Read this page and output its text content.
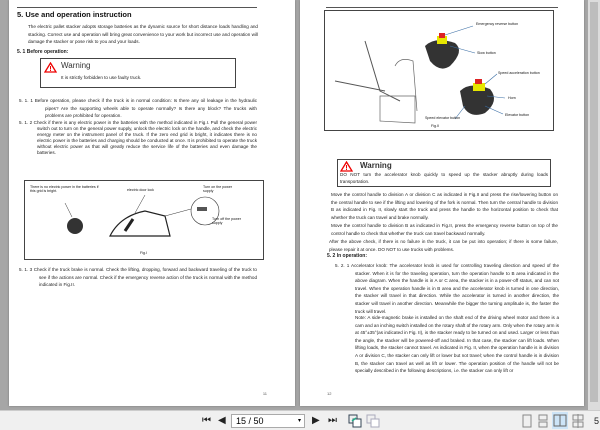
5. Use and operation instruction
The electric pallet stacker adopts storage batteries as the dynamic source for short distance loads handling and stacking. Correct use and operation will bring great convenience to your work but incorrect use and operation will damage the stacker or pose risk to you and your loads.
5. 1 Before operation:
Warning
It is strictly forbidden to use faulty truck.
5. 1. 1 Before operation, please check if the truck is in normal condition: Is there any oil leakage in the hydraulic pipes? Are the supporting wheels able to operate normally? Is there any block? The trucks with problems are prohibited for operation.
5. 1. 2 Check if there is any electric power in the batteries with the method indicated in Fig.I. Pull the general power switch out to turn on the general power supply, unlock the electric lock on the handle, and check the electric energy meter on the instrument panel of the truck. If the zero end grid is bright, it indicates there is no electric power in the batteries and charging should be conducted at once. It is prohibited to operate the truck without electric power as that will greatly reduce the service life of the batteries and even damage the batteries.
There is no electric power in the batteries if this grid is bright.	electric door lock
Turn on the power supply
Turn off the power supply
Fig.I
5. 1. 3 Check if the truck brake is normal. Check the lifting, dropping, forward and backward traveling of the truck to see if the actions are normal. Check if the emergency reverse action of the truck is normal with the method indicated in Fig.II.
11
Emergency reverse button
Slow button
Speed acceleration button
Horn
Elevator button
Speed elevator button
Fig.II
Warning
DO NOT turn the accelerator knob quickly to speed up the stacker abruptly during loads transportation.
Move the control handle to division A or division C as indicated in Fig.II and press the rise/lowering button on the central handle to see if the lifting and lowering of the fork is normal. Then turn the central handle to division B as indicated in Fig. II, slowly start the truck and press the handle to the horizontal position to check that whether the truck can travel and brake normally.
Move the control handle to division B as indicated in Fig.II, press the emergency reverse button on top of the control handle to check that whether the truck can travel backward normally.
After the above check, if there is no failure in the truck, it can be put into operation; if there is some failure, please repair it at once. DO NOT to use trucks with problems.
5. 2 In operation:
5. 2. 1 Accelerator knob: The accelerator knob is used for controlling traveling direction and speed of the stacker. When it is for the traveling operation, turn the operation handle to B area indicated in the above diagram. When the handle is in A or C area, the stacker is in a power-off status, and can not travel. When the operation handle is in B area and the accelerator knob is turned in one direction, the stacker will travel in that direction. While the accelerator is turned in another direction, the stacker will travel in another direction. Meanwhile the bigger the turning amplitude is, the faster the truck will travel.
Note: A side-magnetic brake is installed on the shaft end of the driving wheel motor and there is a cam and an inching switch installed on the rotary shaft of the rotary arm. Only when the rotary arm is at 45°±35°(as indicated in Fig. II), is the stacker ready to be turned on and used. Larger or less than the angle, the stacker will be powered-off and braked. In that case, the stacker can lift loads. When lifting loads, the stacker cannot travel. As indicated in Fig. II, when the operation handle is in division A or division C, the stacker can only lift or lower but not travel; when the control handle is in division B, the stacker can travel as well as lift or lower. The operation position of the handle will not be specially described in the following descriptions, i.e. the stacker can only lift or
12
⏮ ◀	15 / 50	▾ ▶ ⏭	5
